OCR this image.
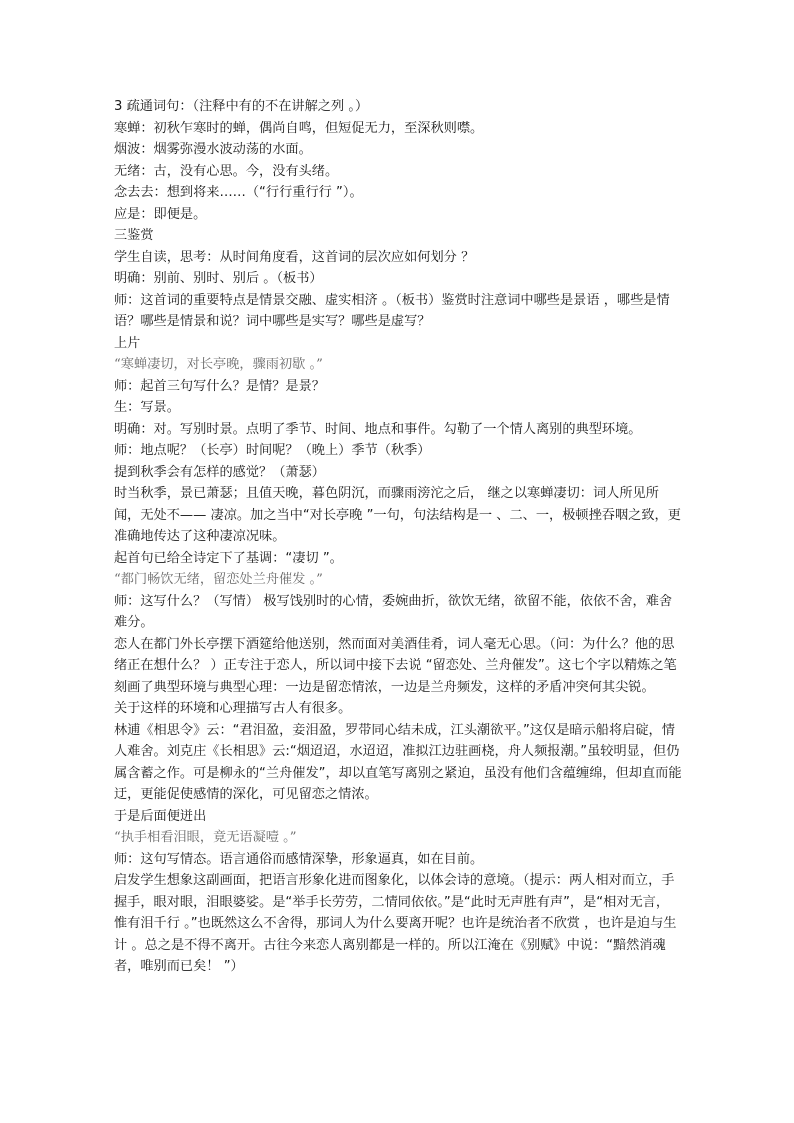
3 疏通词句：（注释中有的不在讲解之列 。）

寒蝉：初秋乍寒时的蝉，偶尚自鸣，但短促无力，至深秋则噤。

烟波：烟雾弥漫水波动荡的水面。

无绪：古，没有心思。今，没有头绪。

念去去：想到将来……（“行行重行行 ”）。

应是：即便是。

三鉴赏

学生自读，思考：从时间角度看，这首词的层次应如何划分 ？

明确：别前、别时、别后 。（板书）

师：这首词的重要特点是情景交融、虚实相济 。（板书）鉴赏时注意词中哪些是景语 ，哪些是情语？哪些是情景和说？词中哪些是实写？哪些是虚写？

上片

“寒蝉凄切，对长亭晚，骤雨初歇 。”

师：起首三句写什么？是情？是景？

生：写景。

明确：对。写别时景。点明了季节、时间、地点和事件。勾勒了一个情人离别的典型环境。

师：地点呢？（长亭）时间呢？（晚上）季节（秋季）

提到秋季会有怎样的感觉？（萧瑟）

时当秋季，景已萧瑟；且值天晚，暮色阴沉，而骤雨滂沱之后， 继之以寒蝉凄切：词人所见所闻，无处不—— 凄凉。加之当中“对长亭晚 ”一句，句法结构是一 、二、一，极顿挫吞咽之致，更准确地传达了这种凄凉况味。

起首句已给全诗定下了基调：“凄切 ”。

“都门畅饮无绪，留恋处兰舟催发 。”

师：这写什么？（写情） 极写饯别时的心情，委婉曲折，欲饮无绪，欲留不能，依依不舍，难舍难分。

恋人在都门外长亭摆下酒筵给他送别，然而面对美酒佳肴，词人毫无心思。（问：为什么？他的思绪正在想什么？ ）正专注于恋人，所以词中接下去说 “留恋处、兰舟催发”。这七个字以精炼之笔刻画了典型环境与典型心理：一边是留恋情浓，一边是兰舟频发，这样的矛盾冲突何其尖锐。

关于这样的环境和心理描写古人有很多。

林逋《相思令》云：“君泪盈，妾泪盈，罗带同心结未成，江头潮欲平。”这仅是暗示船将启碇，情人难舍。刘克庄《长相思》云:“烟迢迢，水迢迢，准拟江边驻画桡，舟人频报潮。”虽较明显，但仍属含蓄之作。可是柳永的“兰舟催发”，却以直笔写离别之紧迫，虽没有他们含蕴缠绵，但却直而能迂，更能促使感情的深化，可见留恋之情浓。

于是后面便迸出

“执手相看泪眼，竟无语凝噎 。”

师：这句写情态。语言通俗而感情深挚，形象逼真，如在目前。

启发学生想象这副画面，把语言形象化进而图象化，以体会诗的意境。（提示：两人相对而立，手握手，眼对眼，泪眼婆娑。是“举手长劳劳，二情同依依。”是“此时无声胜有声”，是“相对无言，惟有泪千行 。”也既然这么不舍得，那词人为什么要离开呢？也许是统治者不欣赏 ，也许是迫与生计 。总之是不得不离开。古往今来恋人离别都是一样的。所以江淹在《别赋》中说：“黯然消魂者，唯别而已矣！ ”）
